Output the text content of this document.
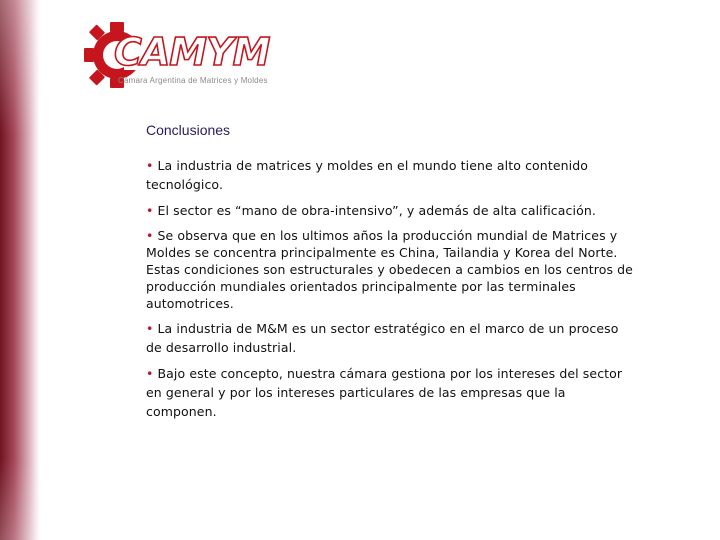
CAMYM
Cámara Argentina de Matrices y Moldes
Conclusiones

• La industria de matrices y moldes en el mundo tiene alto contenido tecnológico.

• El sector es “mano de obra-intensivo”, y además de alta calificación.

• Se observa que en los ultimos años la producción mundial de Matrices y Moldes se concentra principalmente es China, Tailandia y Korea del Norte. Estas condiciones son estructurales y obedecen a cambios en los centros de producción mundiales orientados principalmente por las terminales automotrices.

• La industria de M&M es un sector estratégico en el marco de un proceso de desarrollo industrial.

• Bajo este concepto, nuestra cámara gestiona por los intereses del sector en general y por los intereses particulares de las empresas que la componen.
